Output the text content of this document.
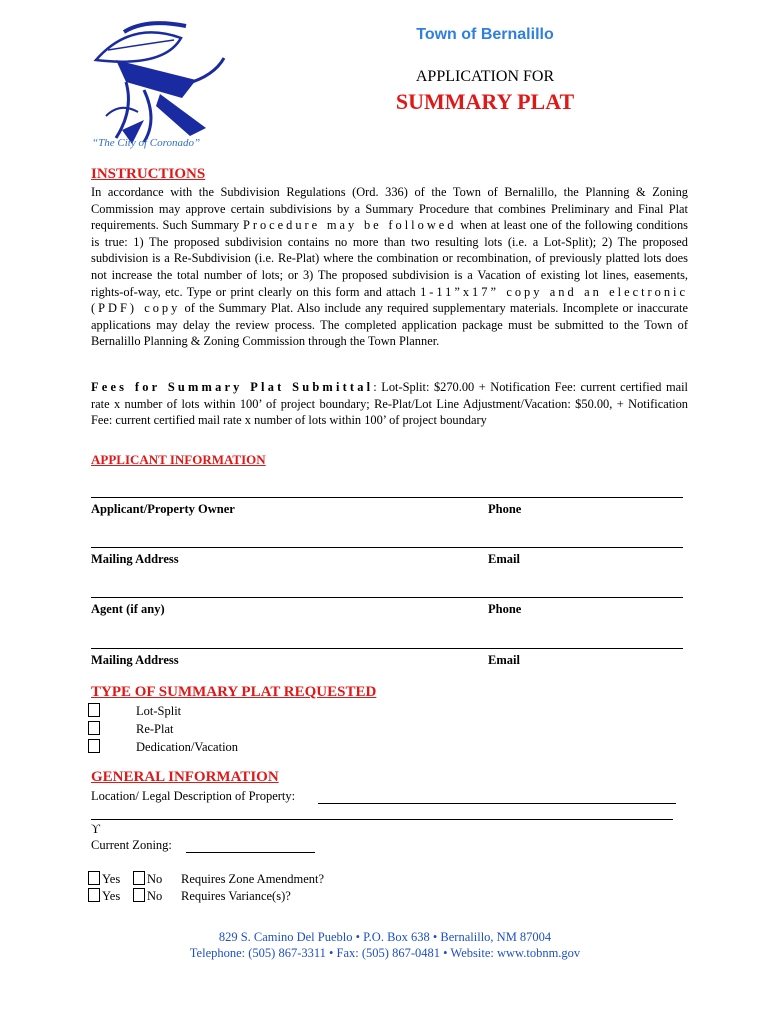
“The City of Coronado”
Town of Bernalillo
APPLICATION FOR
SUMMARY PLAT
INSTRUCTIONS
In accordance with the Subdivision Regulations (Ord. 336) of the Town of Bernalillo, the Planning & Zoning Commission may approve certain subdivisions by a Summary Procedure that combines Preliminary and Final Plat requirements. Such Summary Procedure may be followed when at least one of the following conditions is true: 1) The proposed subdivision contains no more than two resulting lots (i.e. a Lot-Split); 2) The proposed subdivision is a Re-Subdivision (i.e. Re-Plat) where the combination or recombination, of previously platted lots does not increase the total number of lots; or 3) The proposed subdivision is a Vacation of existing lot lines, easements, rights-of-way, etc. Type or print clearly on this form and attach 1-11”x17” copy and an electronic (PDF) copy of the Summary Plat. Also include any required supplementary materials. Incomplete or inaccurate applications may delay the review process. The completed application package must be submitted to the Town of Bernalillo Planning & Zoning Commission through the Town Planner.
Fees for Summary Plat Submittal: Lot-Split: $270.00 + Notification Fee: current certified mail rate x number of lots within 100’ of project boundary; Re-Plat/Lot Line Adjustment/Vacation: $50.00, + Notification Fee: current certified mail rate x number of lots within 100’ of project boundary
APPLICANT INFORMATION
Applicant/Property Owner	Phone
Mailing Address	Email
Agent (if any)	Phone
Mailing Address	Email
TYPE OF SUMMARY PLAT REQUESTED
Lot-Split
Re-Plat
Dedication/Vacation
GENERAL INFORMATION
Location/ Legal Description of Property:
ϒ
Current Zoning:
Yes No Requires Zone Amendment?
Yes No Requires Variance(s)?
829 S. Camino Del Pueblo • P.O. Box 638 • Bernalillo, NM 87004
Telephone: (505) 867-3311 • Fax: (505) 867-0481 • Website: www.tobnm.gov
